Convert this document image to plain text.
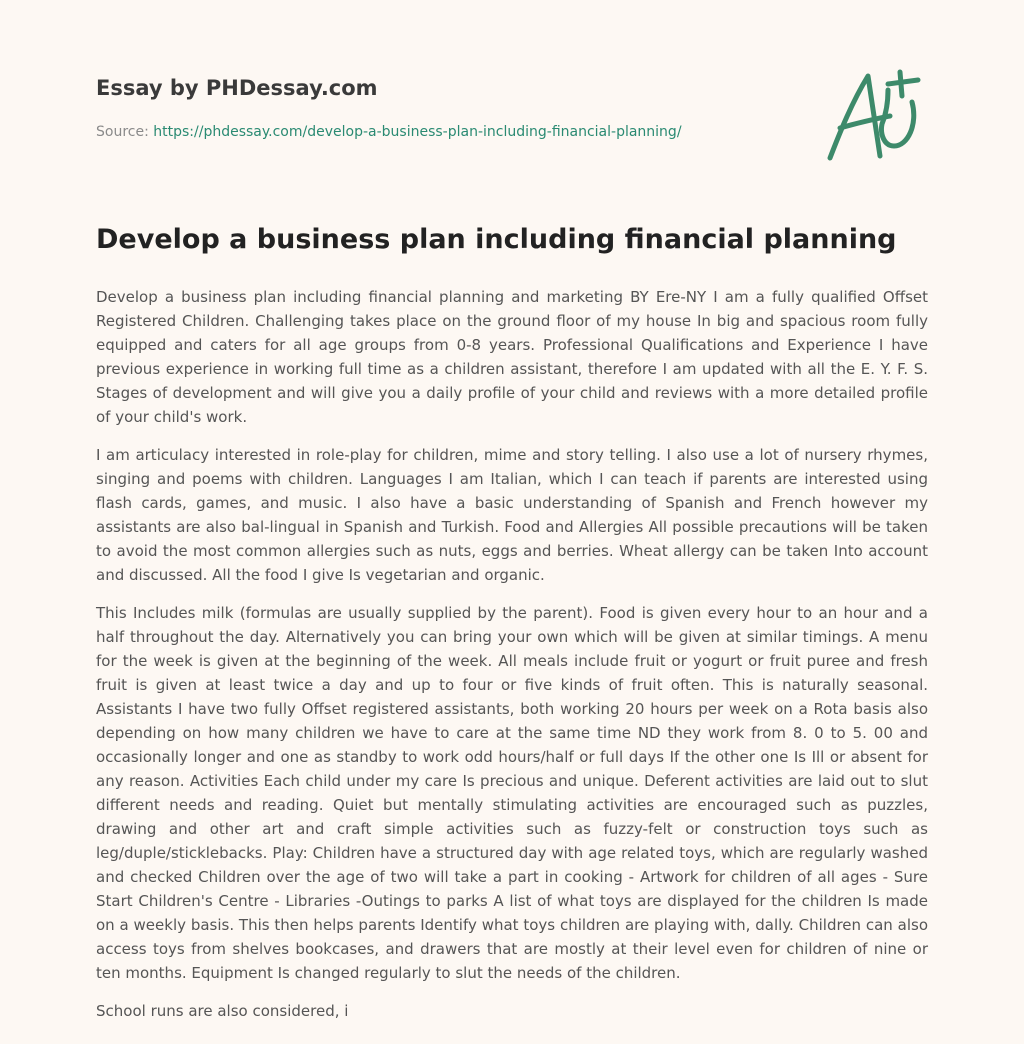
Essay by PHDessay.com
Source: https://phdessay.com/develop-a-business-plan-including-financial-planning/
Develop a business plan including financial planning

Develop a business plan including financial planning and marketing BY Ere-NY I am a fully qualified Offset Registered Children. Challenging takes place on the ground floor of my house In big and spacious room fully equipped and caters for all age groups from 0-8 years. Professional Qualifications and Experience I have previous experience in working full time as a children assistant, therefore I am updated with all the E. Y. F. S. Stages of development and will give you a daily profile of your child and reviews with a more detailed profile of your child's work.

I am articulacy interested in role-play for children, mime and story telling. I also use a lot of nursery rhymes, singing and poems with children. Languages I am Italian, which I can teach if parents are interested using flash cards, games, and music. I also have a basic understanding of Spanish and French however my assistants are also bal-lingual in Spanish and Turkish. Food and Allergies All possible precautions will be taken to avoid the most common allergies such as nuts, eggs and berries. Wheat allergy can be taken Into account and discussed. All the food I give Is vegetarian and organic.

This Includes milk (formulas are usually supplied by the parent). Food is given every hour to an hour and a half throughout the day. Alternatively you can bring your own which will be given at similar timings. A menu for the week is given at the beginning of the week. All meals include fruit or yogurt or fruit puree and fresh fruit is given at least twice a day and up to four or five kinds of fruit often. This is naturally seasonal. Assistants I have two fully Offset registered assistants, both working 20 hours per week on a Rota basis also depending on how many children we have to care at the same time ND they work from 8. 0 to 5. 00 and occasionally longer and one as standby to work odd hours/half or full days If the other one Is Ill or absent for any reason. Activities Each child under my care Is precious and unique. Deferent activities are laid out to slut different needs and reading. Quiet but mentally stimulating activities are encouraged such as puzzles, drawing and other art and craft simple activities such as fuzzy-felt or construction toys such as leg/duple/sticklebacks. Play: Children have a structured day with age related toys, which are regularly washed and checked Children over the age of two will take a part in cooking - Artwork for children of all ages - Sure Start Children's Centre - Libraries -Outings to parks A list of what toys are displayed for the children Is made on a weekly basis. This then helps parents Identify what toys children are playing with, dally. Children can also access toys from shelves bookcases, and drawers that are mostly at their level even for children of nine or ten months. Equipment Is changed regularly to slut the needs of the children.

School runs are also considered, i
